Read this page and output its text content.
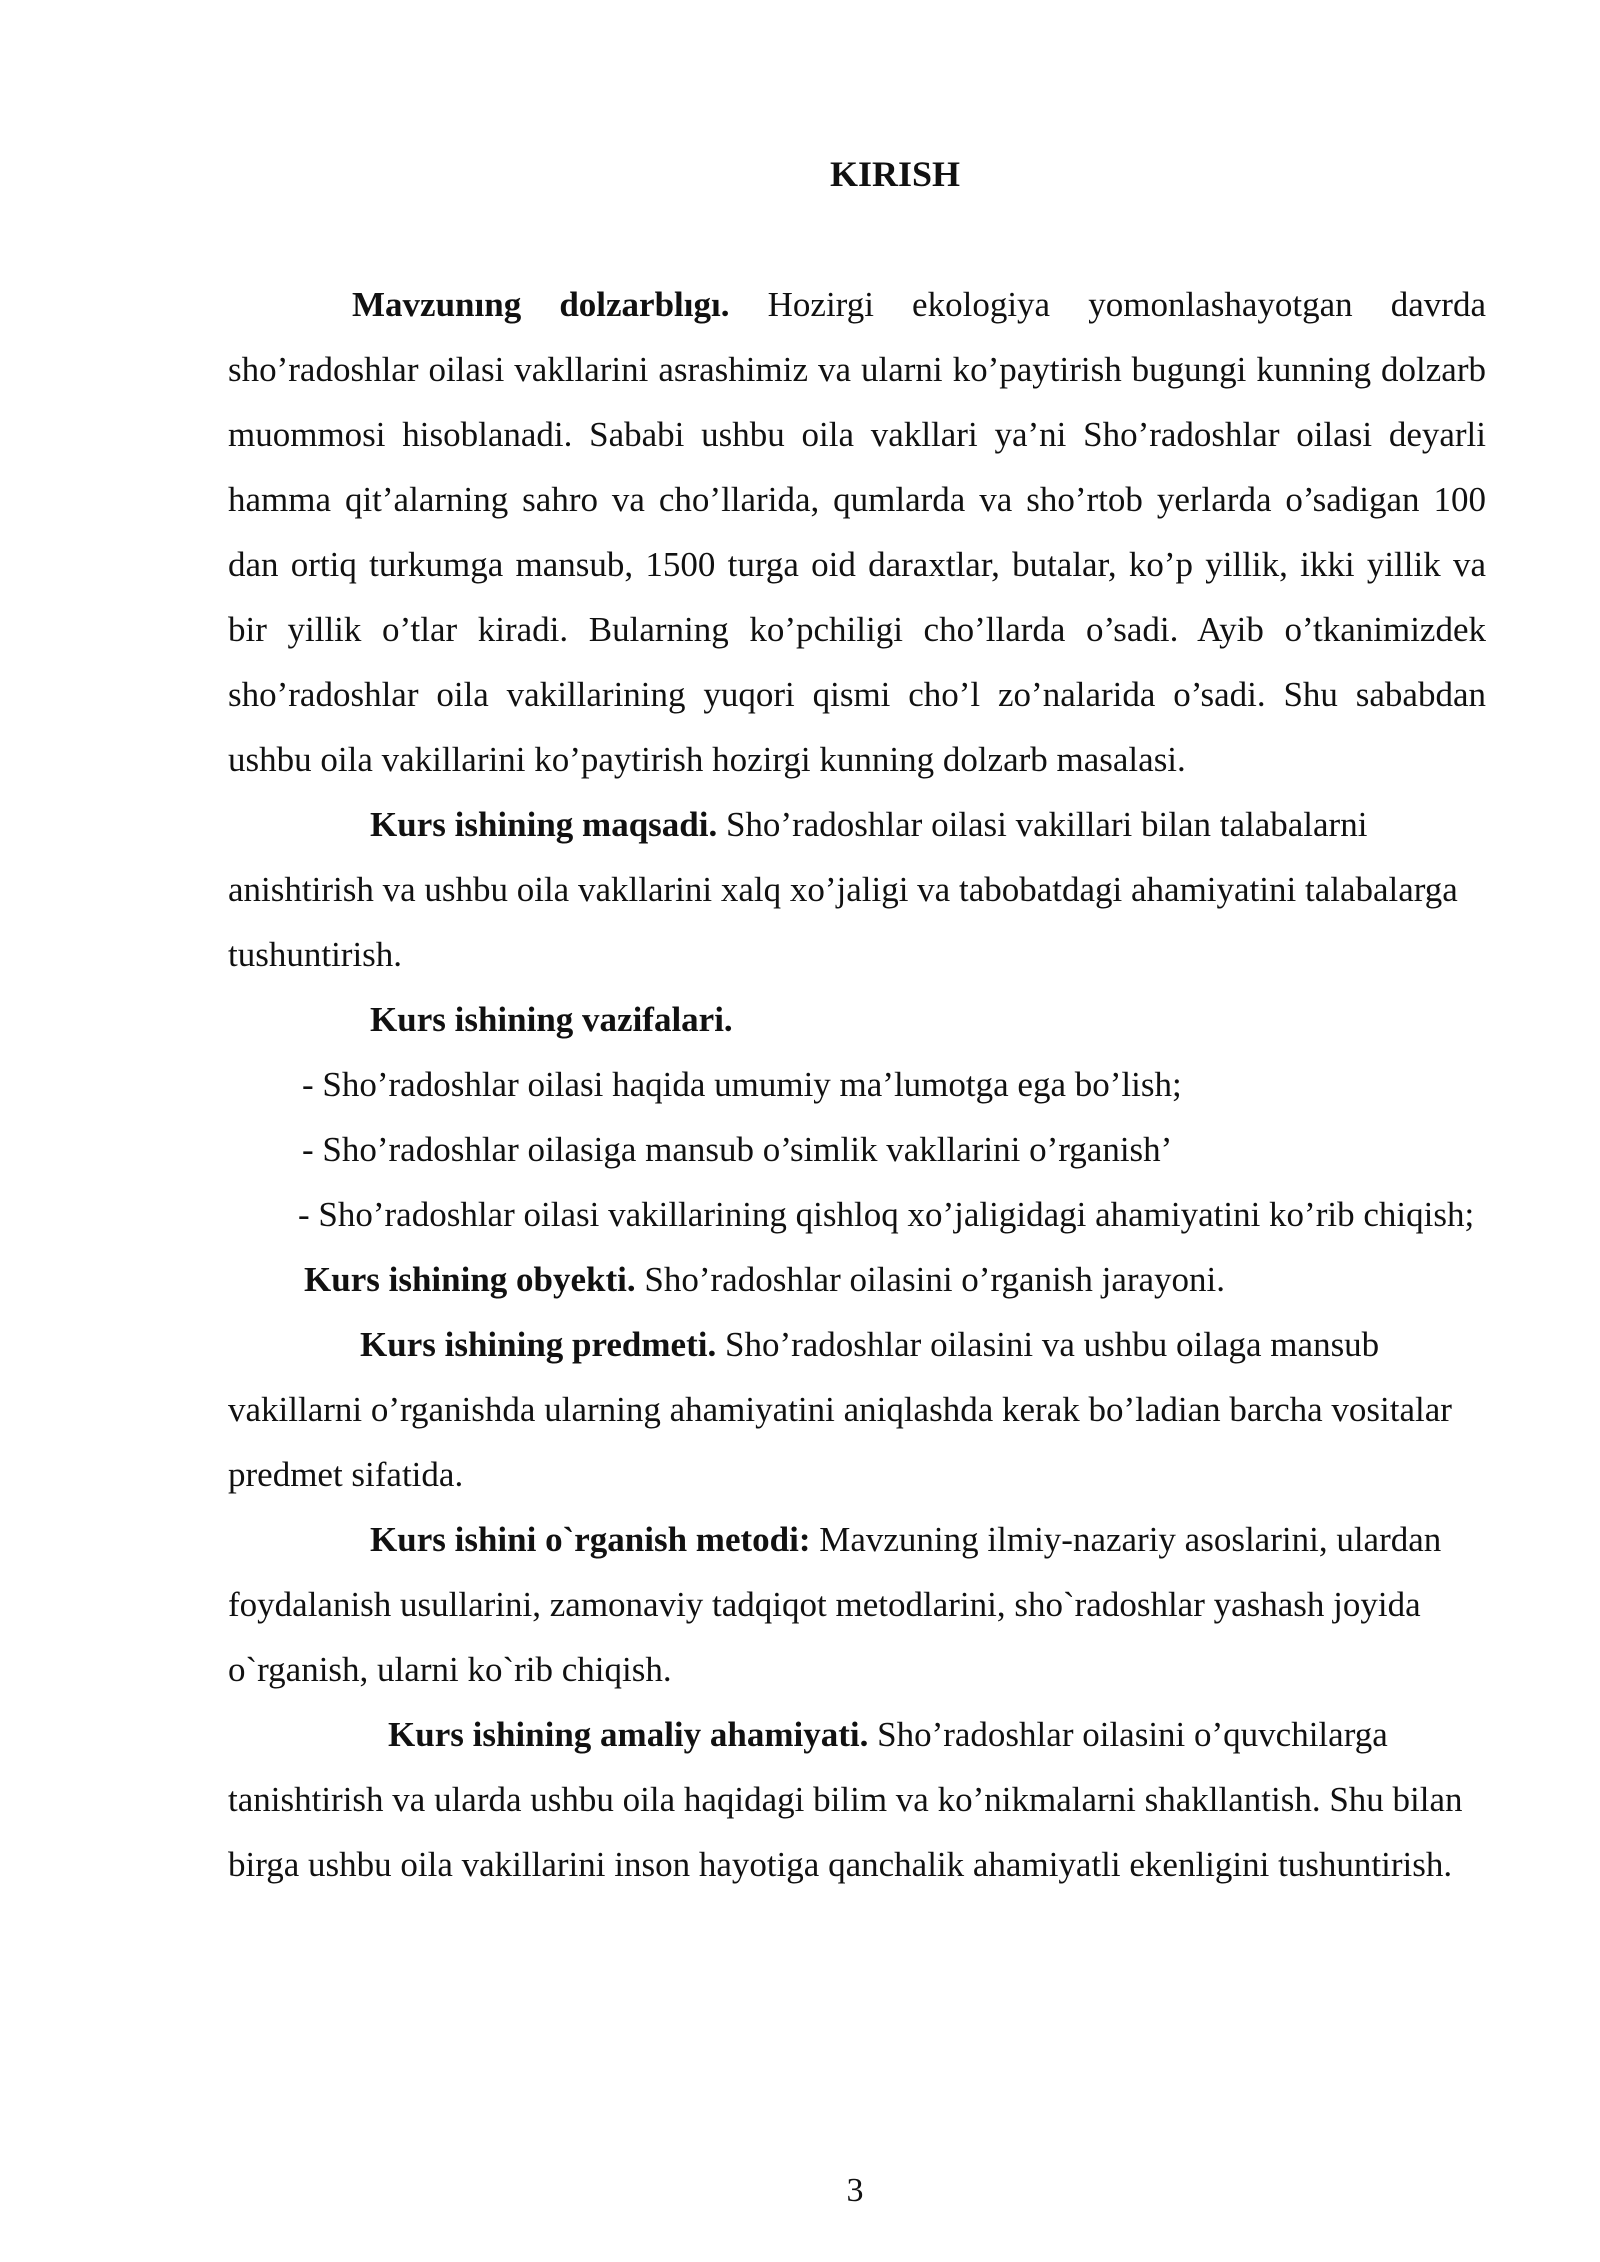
KIRISH

Mavzunıng dolzarblıgı. Hozirgi ekologiya yomonlashayotgan davrda sho’radoshlar oilasi vakllarini asrashimiz va ularni ko’paytirish bugungi kunning dolzarb muommosi hisoblanadi. Sababi ushbu oila vakllari ya’ni Sho’radoshlar oilasi deyarli hamma qit’alarning sahro va cho’llarida, qumlarda va sho’rtob yerlarda o’sadigan 100 dan ortiq turkumga mansub, 1500 turga oid daraxtlar, butalar, ko’p yillik, ikki yillik va bir yillik o’tlar kiradi. Bularning ko’pchiligi cho’llarda o’sadi. Ayib o’tkanimizdek sho’radoshlar oila vakillarining yuqori qismi cho’l zo’nalarida o’sadi. Shu sababdan ushbu oila vakillarini ko’paytirish hozirgi kunning dolzarb masalasi.

Kurs ishining maqsadi. Sho’radoshlar oilasi vakillari bilan talabalarni anishtirish va ushbu oila vakllarini xalq xo’jaligi va tabobatdagi ahamiyatini talabalarga tushuntirish.

Kurs ishining vazifalari.

- Sho’radoshlar oilasi haqida umumiy ma’lumotga ega bo’lish;

- Sho’radoshlar oilasiga mansub o’simlik vakllarini o’rganish’

- Sho’radoshlar oilasi vakillarining qishloq xo’jaligidagi ahamiyatini ko’rib chiqish;

Kurs ishining obyekti. Sho’radoshlar oilasini o’rganish jarayoni.

Kurs ishining predmeti. Sho’radoshlar oilasini va ushbu oilaga mansub vakillarni o’rganishda ularning ahamiyatini aniqlashda kerak bo’ladian barcha vositalar predmet sifatida.

Kurs ishini o`rganish metodi: Mavzuning ilmiy-nazariy asoslarini, ulardan foydalanish usullarini, zamonaviy tadqiqot metodlarini, sho`radoshlar yashash joyida o`rganish, ularni ko`rib chiqish.

Kurs ishining amaliy ahamiyati. Sho’radoshlar oilasini o’quvchilarga tanishtirish va ularda ushbu oila haqidagi bilim va ko’nikmalarni shakllantish. Shu bilan birga ushbu oila vakillarini inson hayotiga qanchalik ahamiyatli ekenligini tushuntirish.

3
